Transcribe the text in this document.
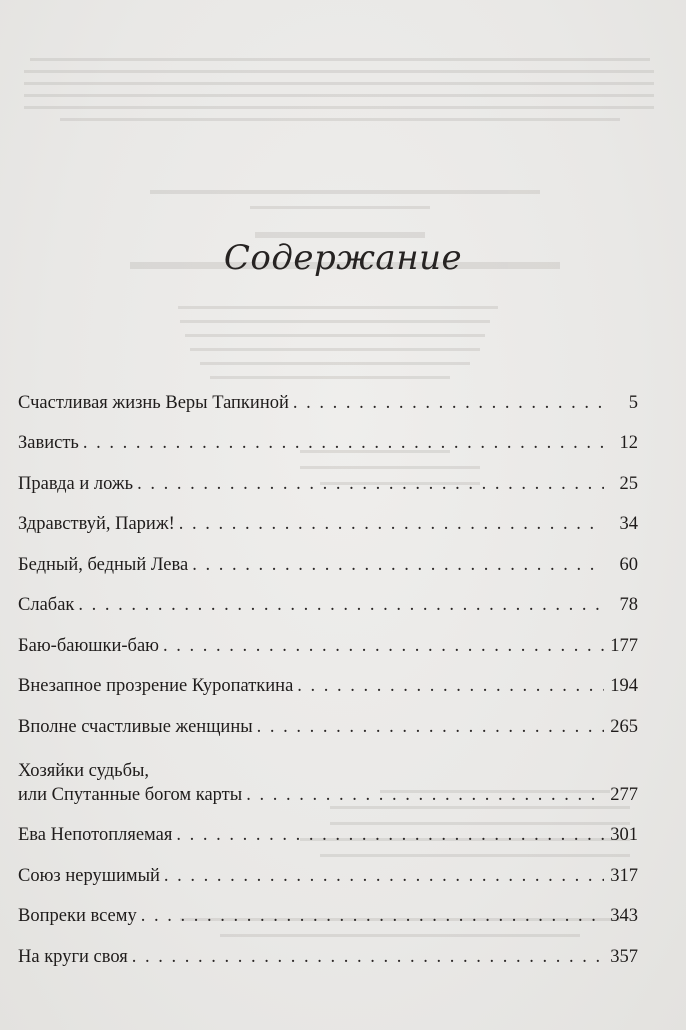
Содержание
Счастливая жизнь Веры Тапкиной . . .	5
Зависть . . .	12
Правда и ложь . . .	25
Здравствуй, Париж! . . .	34
Бедный, бедный Лева . . .	60
Слабак . . .	78
Баю-баюшки-баю . . .	177
Внезапное прозрение Куропаткина . . .	194
Вполне счастливые женщины . . .	265
Хозяйки судьбы,
или Спутанные богом карты . . .	277
Ева Непотопляемая . . .	301
Союз нерушимый . . .	317
Вопреки всему . . .	343
На круги своя . . .	357
